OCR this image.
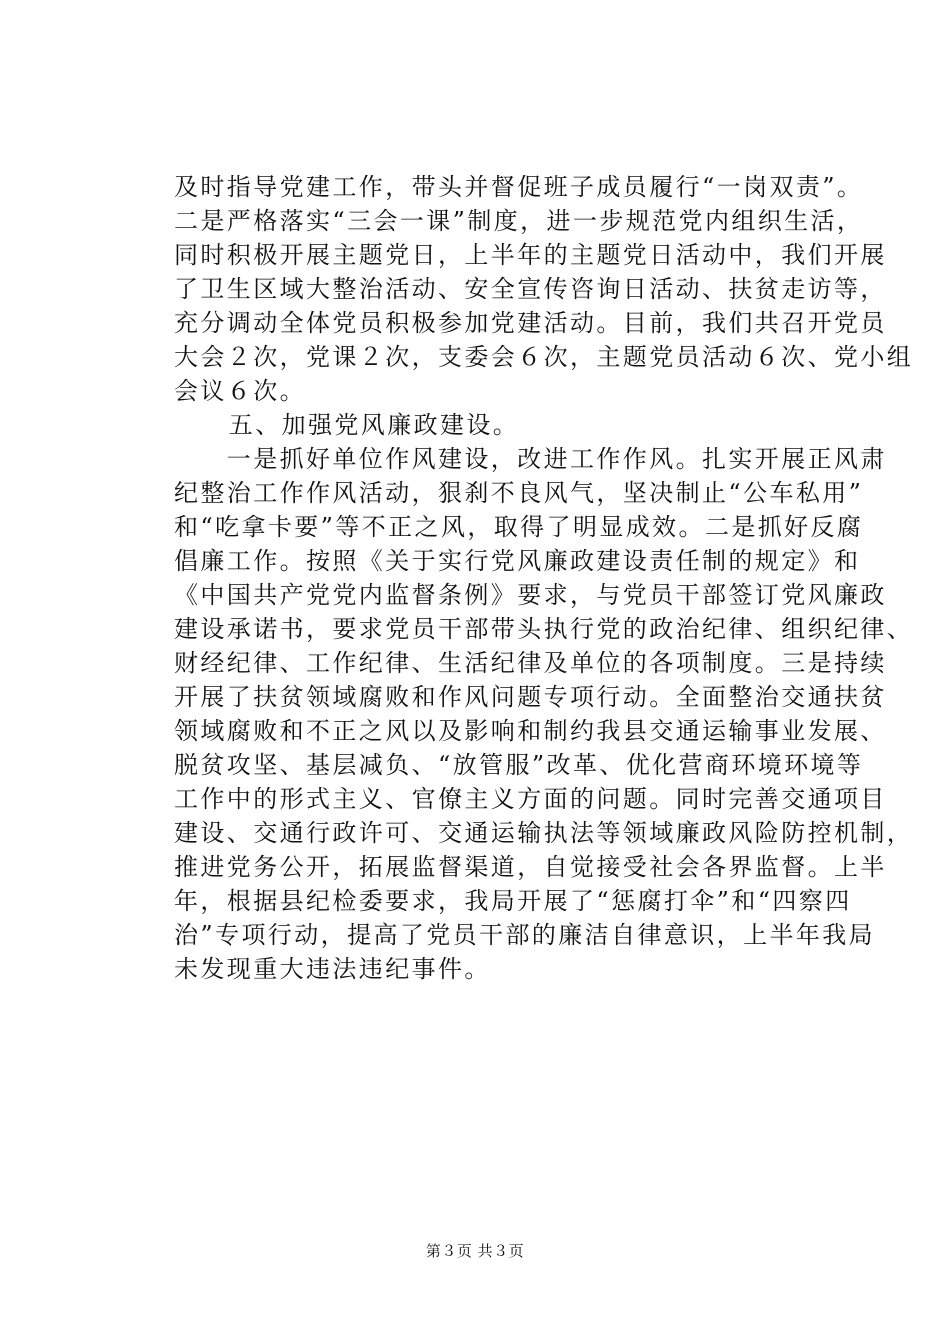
及时指导党建工作，带头并督促班子成员履行“一岗双责”。
二是严格落实“三会一课”制度，进一步规范党内组织生活，
同时积极开展主题党日，上半年的主题党日活动中，我们开展
了卫生区域大整治活动、安全宣传咨询日活动、扶贫走访等，
充分调动全体党员积极参加党建活动。目前，我们共召开党员
大会２次，党课２次，支委会６次，主题党员活动６次、党小组
会议６次。
　　五、加强党风廉政建设。
　　一是抓好单位作风建设，改进工作作风。扎实开展正风肃
纪整治工作作风活动，狠刹不良风气，坚决制止“公车私用”
和“吃拿卡要”等不正之风，取得了明显成效。二是抓好反腐
倡廉工作。按照《关于实行党风廉政建设责任制的规定》和
《中国共产党党内监督条例》要求，与党员干部签订党风廉政
建设承诺书，要求党员干部带头执行党的政治纪律、组织纪律、
财经纪律、工作纪律、生活纪律及单位的各项制度。三是持续
开展了扶贫领域腐败和作风问题专项行动。全面整治交通扶贫
领域腐败和不正之风以及影响和制约我县交通运输事业发展、
脱贫攻坚、基层减负、“放管服”改革、优化营商环境环境等
工作中的形式主义、官僚主义方面的问题。同时完善交通项目
建设、交通行政许可、交通运输执法等领域廉政风险防控机制，
推进党务公开，拓展监督渠道，自觉接受社会各界监督。上半
年，根据县纪检委要求，我局开展了“惩腐打伞”和“四察四
治”专项行动，提高了党员干部的廉洁自律意识，上半年我局
未发现重大违法违纪事件。
第３页 共３页
